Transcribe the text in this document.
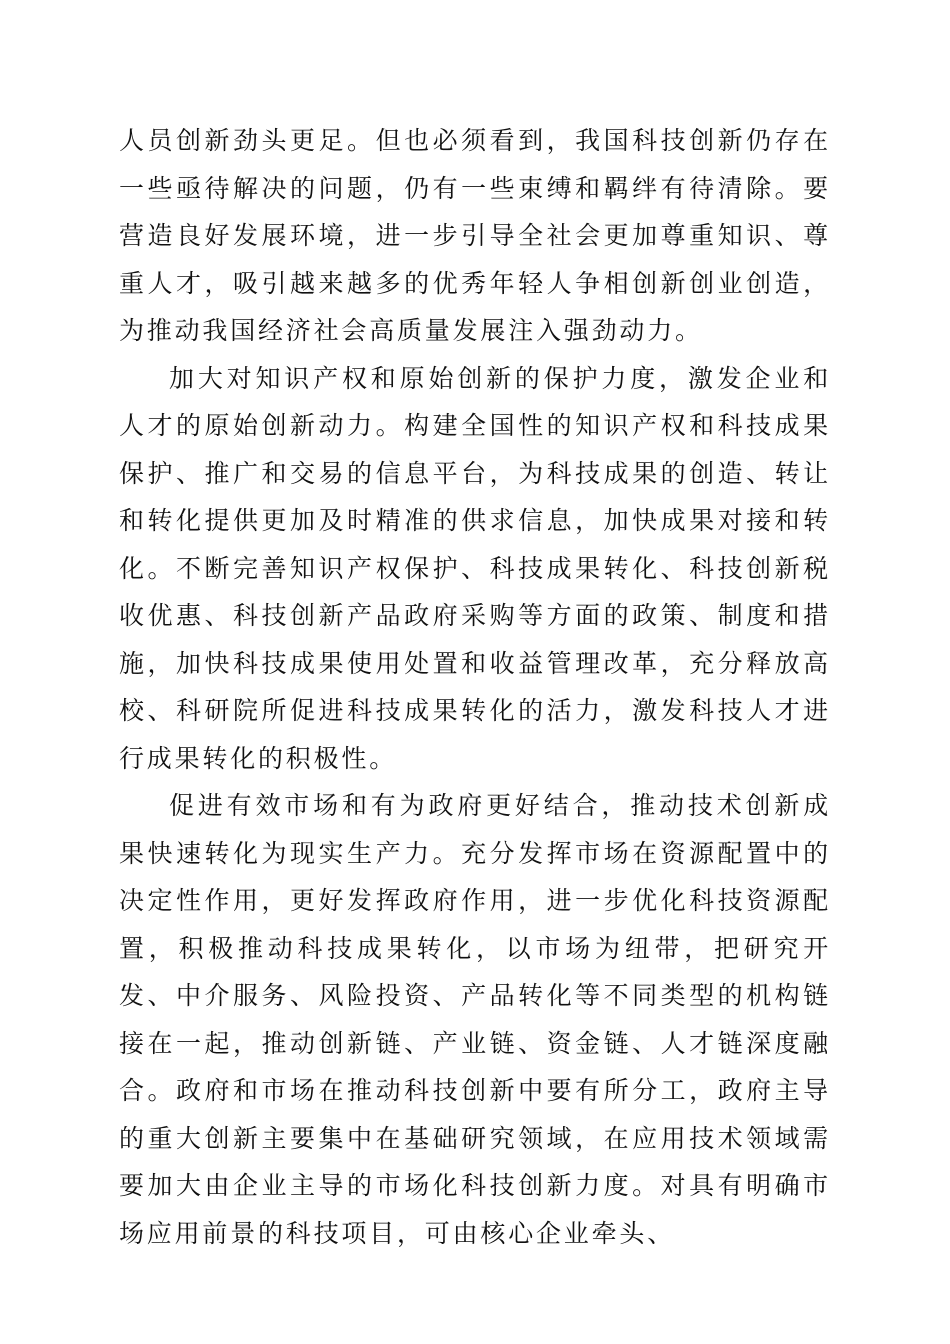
人员创新劲头更足。但也必须看到，我国科技创新仍存在一些亟待解决的问题，仍有一些束缚和羁绊有待清除。要营造良好发展环境，进一步引导全社会更加尊重知识、尊重人才，吸引越来越多的优秀年轻人争相创新创业创造，为推动我国经济社会高质量发展注入强劲动力。

加大对知识产权和原始创新的保护力度，激发企业和人才的原始创新动力。构建全国性的知识产权和科技成果保护、推广和交易的信息平台，为科技成果的创造、转让和转化提供更加及时精准的供求信息，加快成果对接和转化。不断完善知识产权保护、科技成果转化、科技创新税收优惠、科技创新产品政府采购等方面的政策、制度和措施，加快科技成果使用处置和收益管理改革，充分释放高校、科研院所促进科技成果转化的活力，激发科技人才进行成果转化的积极性。

促进有效市场和有为政府更好结合，推动技术创新成果快速转化为现实生产力。充分发挥市场在资源配置中的决定性作用，更好发挥政府作用，进一步优化科技资源配置，积极推动科技成果转化，以市场为纽带，把研究开发、中介服务、风险投资、产品转化等不同类型的机构链接在一起，推动创新链、产业链、资金链、人才链深度融合。政府和市场在推动科技创新中要有所分工，政府主导的重大创新主要集中在基础研究领域，在应用技术领域需要加大由企业主导的市场化科技创新力度。对具有明确市场应用前景的科技项目，可由核心企业牵头、
